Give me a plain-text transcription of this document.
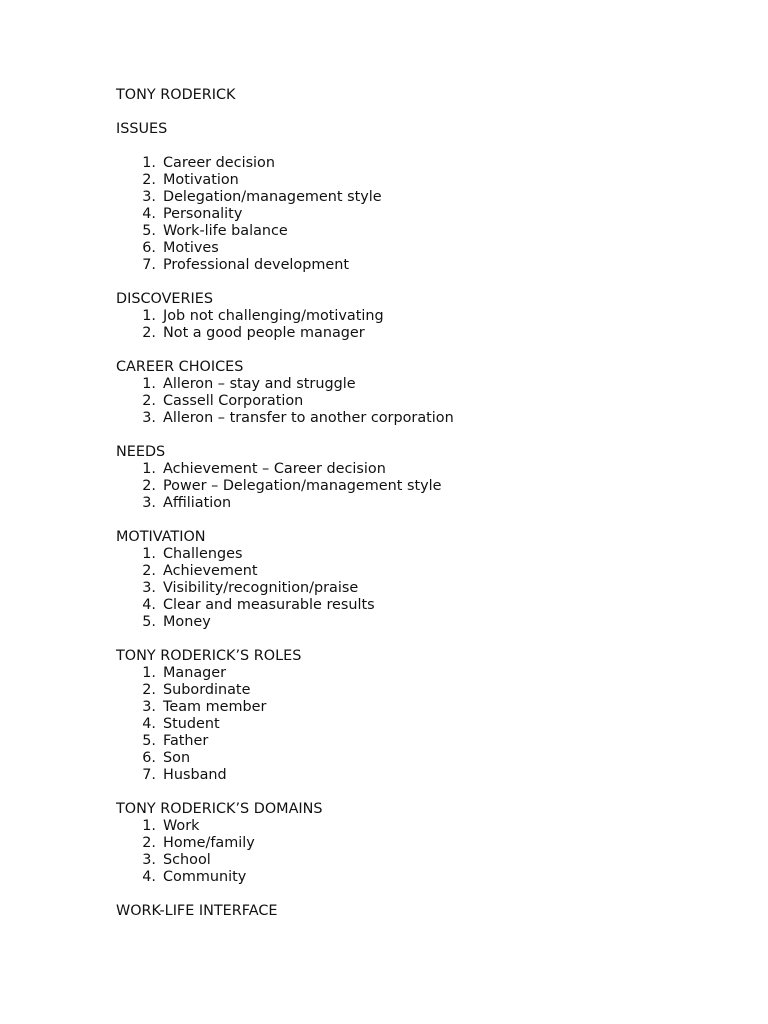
TONY RODERICK
ISSUES
1. Career decision
2. Motivation
3. Delegation/management style
4. Personality
5. Work-life balance
6. Motives
7. Professional development
DISCOVERIES
1. Job not challenging/motivating
2. Not a good people manager
CAREER CHOICES
1. Alleron – stay and struggle
2. Cassell Corporation
3. Alleron – transfer to another corporation
NEEDS
1. Achievement – Career decision
2. Power – Delegation/management style
3. Affiliation
MOTIVATION
1. Challenges
2. Achievement
3. Visibility/recognition/praise
4. Clear and measurable results
5. Money
TONY RODERICK’S ROLES
1. Manager
2. Subordinate
3. Team member
4. Student
5. Father
6. Son
7. Husband
TONY RODERICK’S DOMAINS
1. Work
2. Home/family
3. School
4. Community
WORK-LIFE INTERFACE
